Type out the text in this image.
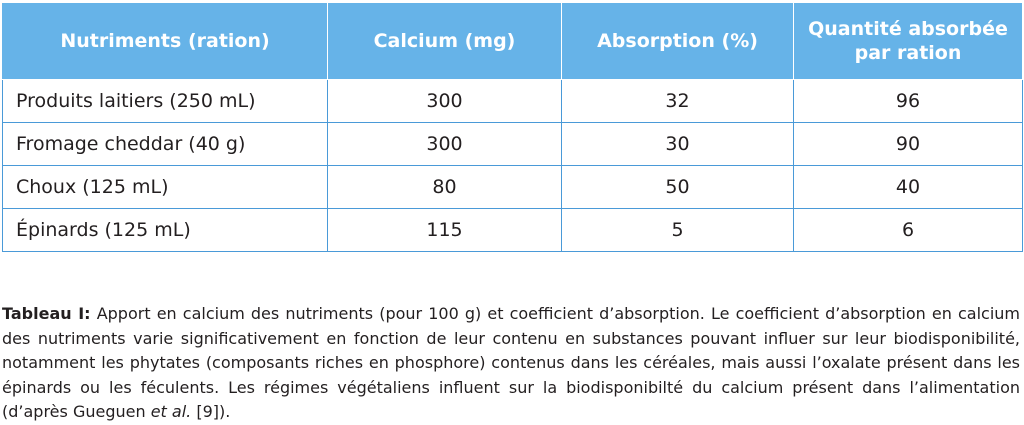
Nutriments (ration)	Calcium (mg)	Absorption (%)	Quantité absorbée par ration
Produits laitiers (250 mL)	300	32	96
Fromage cheddar (40 g)	300	30	90
Choux (125 mL)	80	50	40
Épinards (125 mL)	115	5	6

Tableau I: Apport en calcium des nutriments (pour 100 g) et coefficient d’absorption. Le coefficient d’absorption en calcium des nutriments varie significativement en fonction de leur contenu en substances pouvant influer sur leur biodisponibilité, notamment les phytates (composants riches en phosphore) contenus dans les céréales, mais aussi l’oxalate présent dans les épinards ou les féculents. Les régimes végétaliens influent sur la biodisponibilté du calcium présent dans l’alimentation (d’après Gueguen et al. [9]).
